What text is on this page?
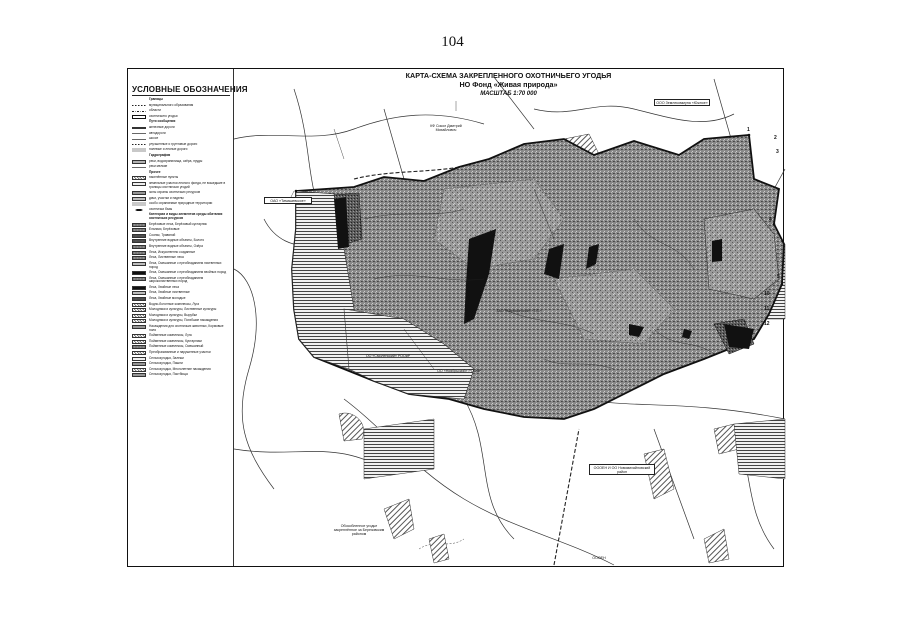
104
УСЛОВНЫЕ ОБОЗНАЧЕНИЯ
Границы
муниципального образования
области
охотничьего угодья
Пути сообщения
железные дороги
автодороги
шоссе
улучшенные и грунтовые дороги
полевые и лесные дороги
Гидрография
реки, водохранилища, озёра, пруды
реки мелкие
Прочее
населённые пункты
земельные участки лесного фонда, не вошедшие в границы охотничьих угодий
зоны охраны охотничьих ресурсов
дачи, участки и наделы
особо охраняемые природные территории
охотничьи базы
Категории и виды элементов среды обитания охотничьих ресурсов
Берёзовые леса, Берёзовый кустарник
Ельники, Берёзовые
Сосняк, Травяной
Внутренние водные объекты, Болото
Внутренние водные объекты, Озёра
Леса, Искусственно созданные
Леса, Лиственные леса
Леса, Смешанные с преобладанием лиственных пород
Леса, Смешанные с преобладанием хвойных пород
Леса, Смешанные с преобладанием широколиственных пород
Леса, Хвойные леса
Леса, Хвойные лиственные
Леса, Хвойные молодые
Водно-болотные комплексы, Луга
Молодняки и культуры, Лиственные культуры
Молодняки и культуры, Вырубки
Молодняки и культуры, Погибшие насаждения
Насаждения для охотничьих животных, Кормовые поля
Пойменные комплексы, Луга
Пойменные комплексы, Кустарники
Пойменные комплексы, Смешанный
Преобразованные и нарушенные участки
Сельхозугодья, Залежи
Сельхозугодья, Пашни
Сельхозугодья, Многолетние насаждения
Сельхозугодья, Пастбища
КАРТА-СХЕМА ЗАКРЕПЛЕННОГО ОХОТНИЧЬЕГО УГОДЬЯ
НО Фонд «Живая природа»
МАСШТАБ 1:70 000
ООО Землекоммуна «Южное»
КФ Сокол Дмитрий Михайлович
ОАО «Тимашевское»
ОО «Смоленский» РООиР
ЗАО «Бирюсинский» «Г.В.»
ОО «Ноябрьский» РООиР
ОООЕН И ОО Новомихайловский район
Обособленное угодье закреплённое за Березовским районом
ОООЕН
1
2
3
4
5
10
11
12
